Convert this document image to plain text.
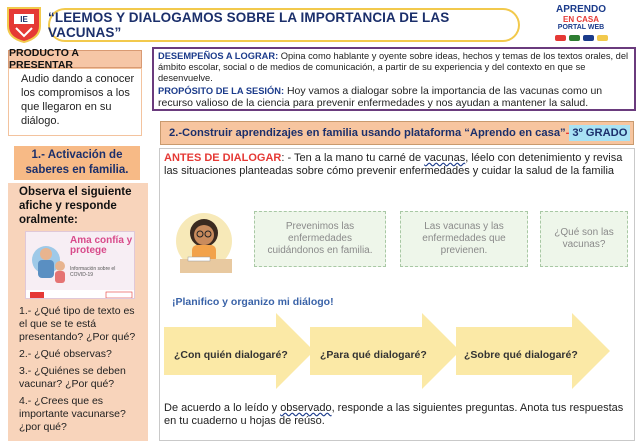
IE “LEEMOS Y DIALOGAMOS SOBRE LA IMPORTANCIA DE LAS VACUNAS”
APRENDO
EN CASA
PORTAL WEB
PRODUCTO A PRESENTAR
Audio dando a conocer los compromisos a los que llegaron en su diálogo.
1.- Activación de saberes en familia.
Observa el siguiente afiche y responde oralmente:
Ama confía y protege
Información sobre el COVID-19
1.- ¿Qué tipo de texto es el que se te está presentando? ¿Por qué?
2.- ¿Qué observas?
3.- ¿Quiénes se deben vacunar? ¿Por qué?
4.- ¿Crees que es importante vacunarse? ¿por qué?
DESEMPEÑOS A LOGRAR: Opina como hablante y oyente sobre ideas, hechos y temas de los textos orales, del ámbito escolar, social o de medios de comunicación, a partir de su experiencia y del contexto en que se desenvuelve.
PROPÓSITO DE LA SESIÓN: Hoy vamos a dialogar sobre la importancia de las vacunas como un recurso valioso de la ciencia para prevenir enfermedades y nos ayudan a mantener la salud.
2.-Construir aprendizajes en familia usando plataforma “Aprendo en casa” - 3º GRADO
ANTES DE DIALOGAR: - Ten a la mano tu carné de vacunas, léelo con detenimiento y revisa las situaciones planteadas sobre cómo prevenir enfermedades y cuidar la salud de la familia
Prevenimos las enfermedades cuidándonos en familia.
Las vacunas y las enfermedades que previenen.
¿Qué son las vacunas?
¡Planifico y organizo mi diálogo!
¿Con quién dialogaré?	¿Para qué dialogaré?	¿Sobre qué dialogaré?
De acuerdo a lo leído y observado, responde a las siguientes preguntas. Anota tus respuestas en tu cuaderno u hojas de reúso.
